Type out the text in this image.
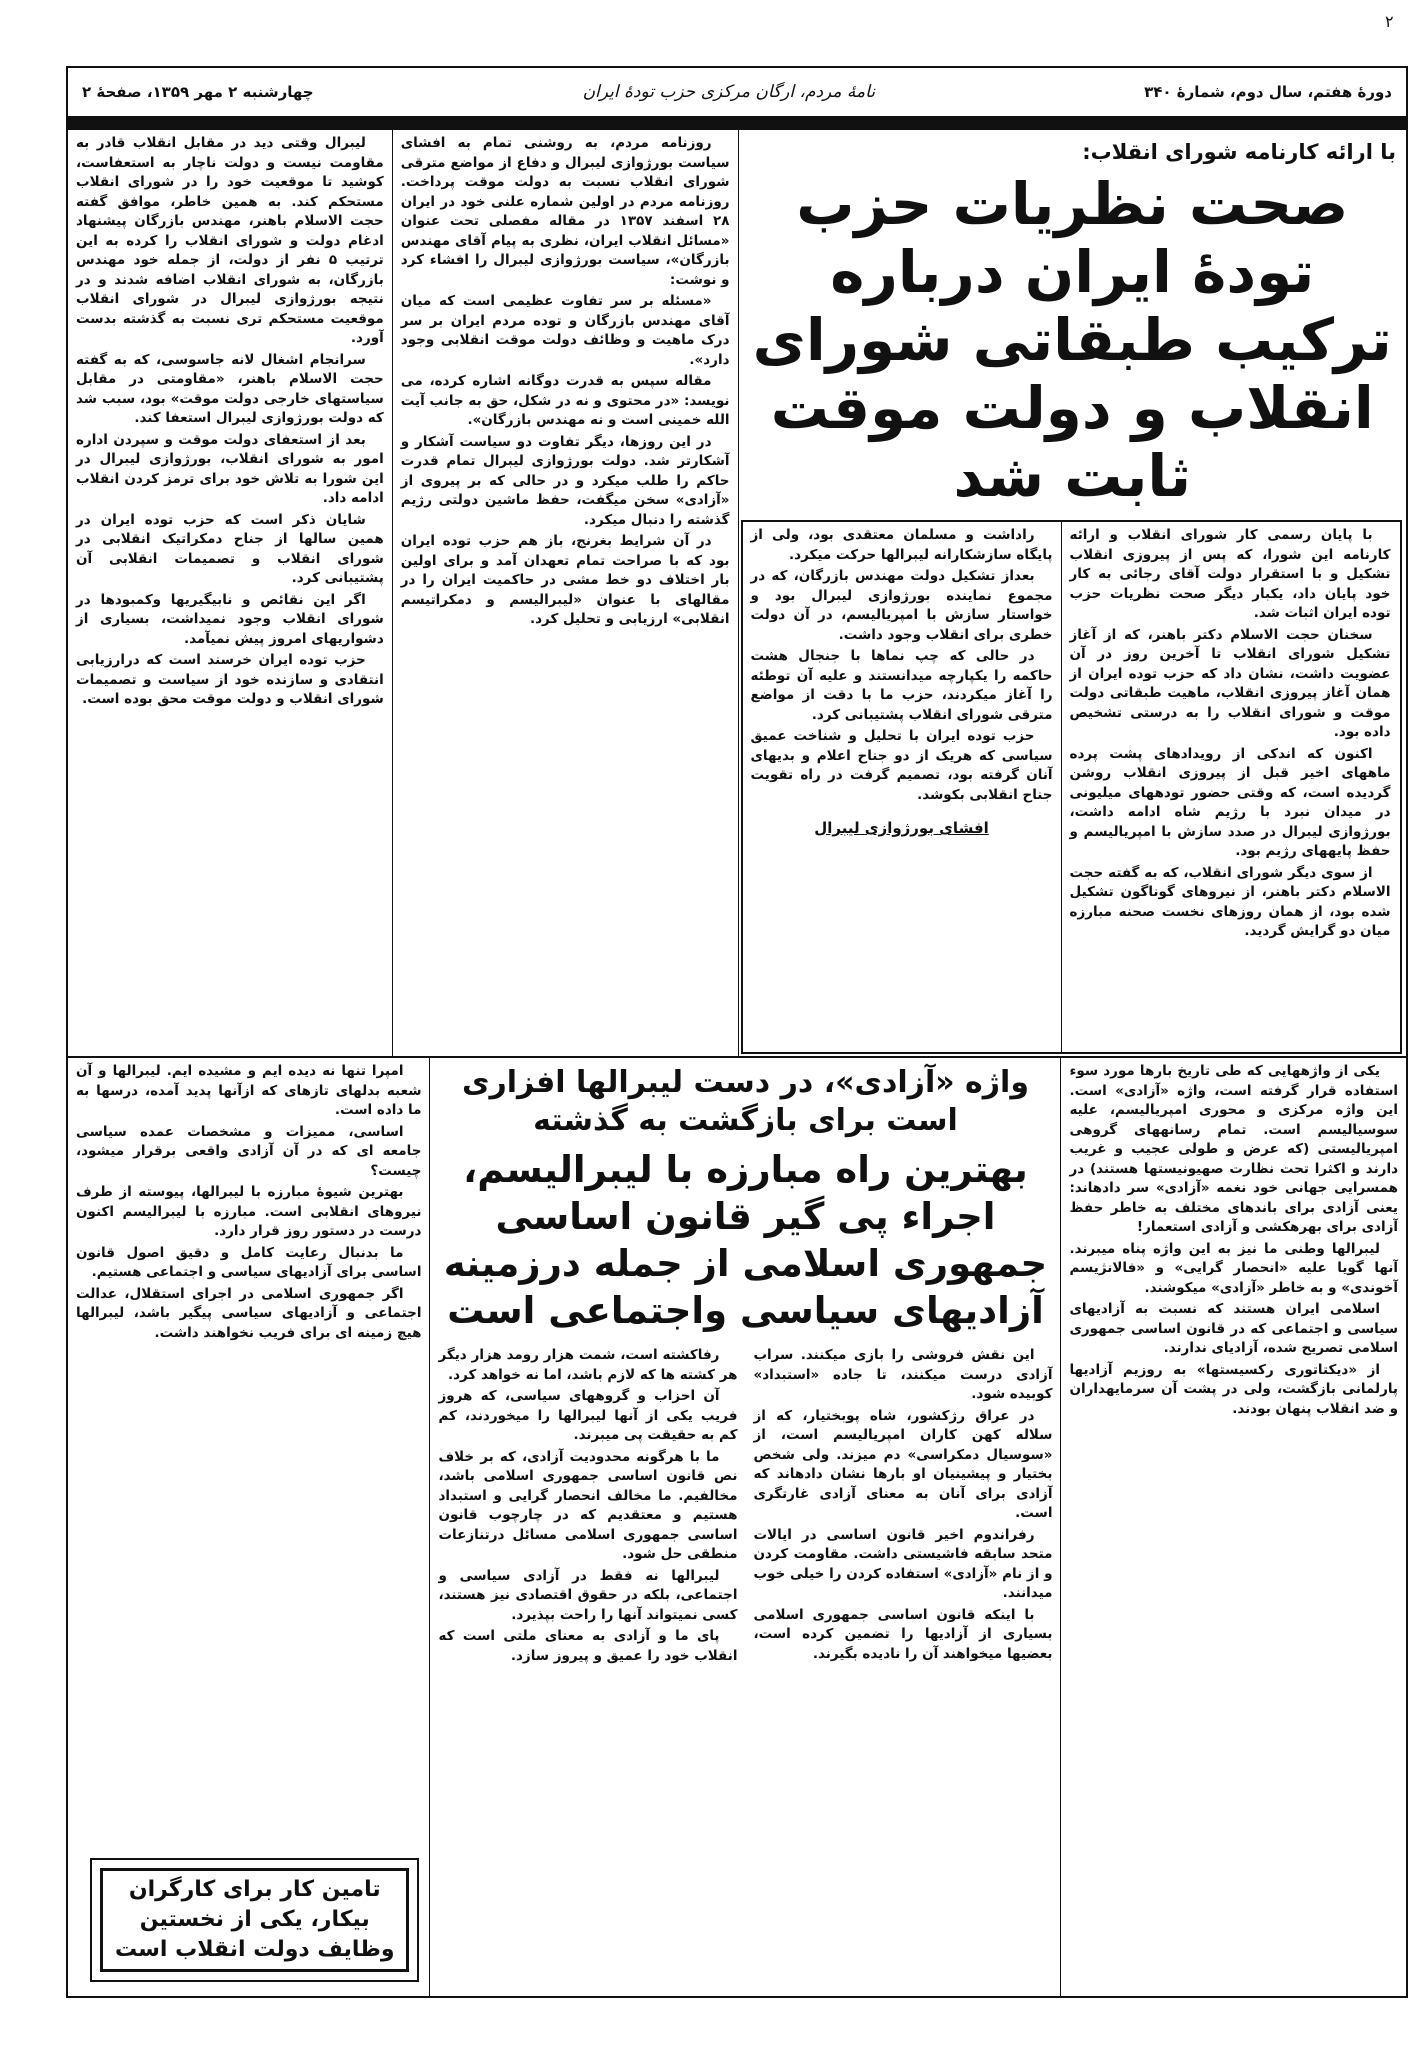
۲
دورهٔ هفتم، سال دوم، شمارهٔ ۳۴۰
نامهٔ مردم، ارگان مرکزی حزب تودهٔ ایران
چهارشنبه ۲ مهر ۱۳۵۹، صفحهٔ ۲

لیبرال وقتی دید در مقابل انقلاب قادر به مقاومت نیست و دولت ناچار به استعفاست، کوشید تا موقعیت خود را در شورای انقلاب مستحکم کند. به همین خاطر، موافق گفته حجت الاسلام باهنر، مهندس بازرگان پیشنهاد ادغام دولت و شورای انقلاب را کرده به این ترتیب ۵ نفر از دولت، از جمله خود مهندس بازرگان، به شورای انقلاب اضافه شدند و در نتیجه بورژوازی لیبرال در شورای انقلاب موقعیت مستحکم تری نسبت به گذشته بدست آورد.

سرانجام اشغال لانه جاسوسی، که به گفته حجت الاسلام باهنر، «مقاومتی در مقابل سیاستهای خارجی دولت موقت» بود، سبب شد که دولت بورژوازی لیبرال استعفا کند.

بعد از استعفای دولت موقت و سپردن اداره امور به شورای انقلاب، بورژوازی لیبرال در این شورا به تلاش خود برای ترمز کردن انقلاب ادامه داد.

شایان ذکر است که حزب توده ایران در همین سالها از جناح دمکراتیک انقلابی در شورای انقلاب و تصمیمات انقلابی آن پشتیبانی کرد.

اگر این نقائص و نابیگیریها وکمبودها در شورای انقلاب وجود نمیداشت، بسیاری از دشواریهای امروز پیش نمیآمد.

حزب توده ایران خرسند است که درارزیابی انتقادی و سازنده خود از سیاست و تصمیمات شورای انقلاب و دولت موقت محق بوده است.

روزنامه مردم، به روشنی تمام به افشای سیاست بورژوازی لیبرال و دفاع از مواضع مترقی شورای انقلاب نسبت به دولت موقت پرداخت. روزنامه مردم در اولین شماره علنی خود در ایران ۲۸ اسفند ۱۳۵۷ در مقاله مفصلی تحت عنوان «مسائل انقلاب ایران، نظری به پیام آقای مهندس بازرگان»، سیاست بورژوازی لیبرال را افشاء کرد و نوشت:

«مسئله بر سر تفاوت عظیمی است که میان آقای مهندس بازرگان و توده مردم ایران بر سر درک ماهیت و وظائف دولت موقت انقلابی وجود دارد».

مقاله سپس به قدرت دوگانه اشاره کرده، می نویسد: «در محتوی و نه در شکل، حق به جانب آیت الله خمینی است و نه مهندس بازرگان».

در این روزها، دیگر تفاوت دو سیاست آشکار و آشکارتر شد. دولت بورژوازی لیبرال تمام قدرت حاکم را طلب میکرد و در حالی که بر پیروی از «آزادی» سخن میگفت، حفظ ماشین دولتی رژیم گذشته را دنبال میکرد.

در آن شرایط بغرنج، باز هم حزب توده ایران بود که با صراحت تمام تعهدان آمد و برای اولین بار اختلاف دو خط مشی در حاکمیت ایران را در مقالهای با عنوان «لیبرالیسم و دمکراتیسم انقلابی» ارزیابی و تحلیل کرد.

با ارائه کارنامه شورای انقلاب:
صحت نظریات حزب تودهٔ ایران درباره ترکیب طبقاتی شورای انقلاب و دولت موقت ثابت شد

راداشت و مسلمان معتقدی بود، ولی از پایگاه سازشکارانه لیبرالها حرکت میکرد.

بعداز تشکیل دولت مهندس بازرگان، که در مجموع نماینده بورژوازی لیبرال بود و خواستار سازش با امپریالیسم، در آن دولت خطری برای انقلاب وجود داشت.

در حالی که چپ نماها با جنجال هشت حاکمه را یکپارچه میدانستند و علیه آن توطئه را آغاز میکردند، حزب ما با دقت از مواضع مترقی شورای انقلاب پشتیبانی کرد.

حزب توده ایران با تحلیل و شناخت عمیق سیاسی که هریک از دو جناح اعلام و بدیهای آنان گرفته بود، تصمیم گرفت در راه تقویت جناح انقلابی بکوشد.

افشای بورژوازی لیبرال

با پایان رسمی کار شورای انقلاب و ارائه کارنامه این شورا، که پس از پیروزی انقلاب تشکیل و با استقرار دولت آقای رجائی به کار خود پایان داد، یکبار دیگر صحت نظریات حزب توده ایران اثبات شد.

سخنان حجت الاسلام دکتر باهنر، که از آغاز تشکیل شورای انقلاب تا آخرین روز در آن عضویت داشت، نشان داد که حزب توده ایران از همان آغاز پیروزی انقلاب، ماهیت طبقاتی دولت موقت و شورای انقلاب را به درستی تشخیص داده بود.

اکنون که اندکی از رویدادهای پشت پرده ماههای اخیر قبل از پیروزی انقلاب روشن گردیده است، که وقتی حضور تودههای میلیونی در میدان نبرد با رژیم شاه ادامه داشت، بورژوازی لیبرال در صدد سازش با امپریالیسم و حفظ پایههای رژیم بود.

از سوی دیگر شورای انقلاب، که به گفته حجت الاسلام دکتر باهنر، از نیروهای گوناگون تشکیل شده بود، از همان روزهای نخست صحنه مبارزه میان دو گرایش گردید.

امپرا تنها نه دیده ایم و مشیده ایم. لیبرالها و آن شعبه بدلهای تازهای که ازآنها پدید آمده، درسها به ما داده است.

اساسی، ممیزات و مشخصات عمده سیاسی جامعه ای که در آن آزادی واقعی برقرار میشود، چیست؟

بهترین شیوهٔ مبارزه با لیبرالها، پیوسته از طرف نیروهای انقلابی است. مبارزه با لیبرالیسم اکنون درست در دستور روز قرار دارد.

ما بدنبال رعایت کامل و دقیق اصول قانون اساسی برای آزادیهای سیاسی و اجتماعی هستیم.

اگر جمهوری اسلامی در اجرای استقلال، عدالت اجتماعی و آزادیهای سیاسی پیگیر باشد، لیبرالها هیچ زمینه ای برای فریب نخواهند داشت.

تامین کار برای کارگران بیکار، یکی از نخستین وظایف دولت انقلاب است
واژه «آزادی»، در دست لیبرالها افزاری است برای بازگشت به گذشته
بهترین راه مبارزه با لیبرالیسم، اجراء پی گیر قانون اساسی جمهوری اسلامی از جمله درزمینه آزادیهای سیاسی واجتماعی است

رفاکشته است، شمت هزار رومد هزار دیگر هر کشته ها که لازم باشد، اما نه خواهد کرد.

آن احزاب و گروههای سیاسی، که هروز فریب یکی از آنها لیبرالها را میخوردند، کم کم به حقیقت پی میبرند.

ما با هرگونه محدودیت آزادی، که بر خلاف نص قانون اساسی جمهوری اسلامی باشد، مخالفیم. ما مخالف انحصار گرایی و استبداد هستیم و معتقدیم که در چارچوب قانون اساسی جمهوری اسلامی مسائل درتنازعات منطقی حل شود.

لیبرالها نه فقط در آزادی سیاسی و اجتماعی، بلکه در حقوق اقتصادی نیز هستند، کسی نمیتواند آنها را راحت بپذیرد.

پای ما و آزادی به معنای ملتی است که انقلاب خود را عمیق و پیروز سازد.

این نقش فروشی را بازی میکنند. سراب آزادی درست میکنند، تا جاده «استبداد» کوبیده شود.

در عراق رژکشور، شاه پوبختیار، که از سلاله کهن کاران امپریالیسم است، از «سوسیال دمکراسی» دم میزند. ولی شخص بختیار و پیشینیان او بارها نشان دادهاند که آزادی برای آنان به معنای آزادی غارتگری است.

رفراندوم اخیر قانون اساسی در ایالات متحد سابقه فاشیستی داشت. مقاومت کردن و از نام «آزادی» استفاده کردن را خیلی خوب میدانند.

با اینکه قانون اساسی جمهوری اسلامی بسیاری از آزادیها را تضمین کرده است، بعضیها میخواهند آن را نادیده بگیرند.

یکی از واژههایی که طی تاریخ بارها مورد سوء استفاده قرار گرفته است، واژه «آزادی» است. این واژه مرکزی و محوری امپریالیسم، علیه سوسیالیسم است. تمام رسانههای گروهی امپریالیستی (که عرض و طولی عجیب و غریب دارند و اکثرا تحت نظارت صهیونیستها هستند) در همسرایی جهانی خود نغمه «آزادی» سر دادهاند: یعنی آزادی برای باندهای مختلف به خاطر حفظ آزادی برای بهرهکشی و آزادی استعمار!

لیبرالها وطنی ما نیز به این واژه پناه میبرند. آنها گویا علیه «انحصار گرایی» و «فالانژیسم آخوندی» و به خاطر «آزادی» میکوشند.

اسلامی ایران هستند که نسبت به آزادیهای سیاسی و اجتماعی که در قانون اساسی جمهوری اسلامی تصریح شده، آزادیای ندارند.

از «دیکتاتوری رکسیستها» به روزیم آزادیها پارلمانی بازگشت، ولی در پشت آن سرمایهداران و ضد انقلاب پنهان بودند.
